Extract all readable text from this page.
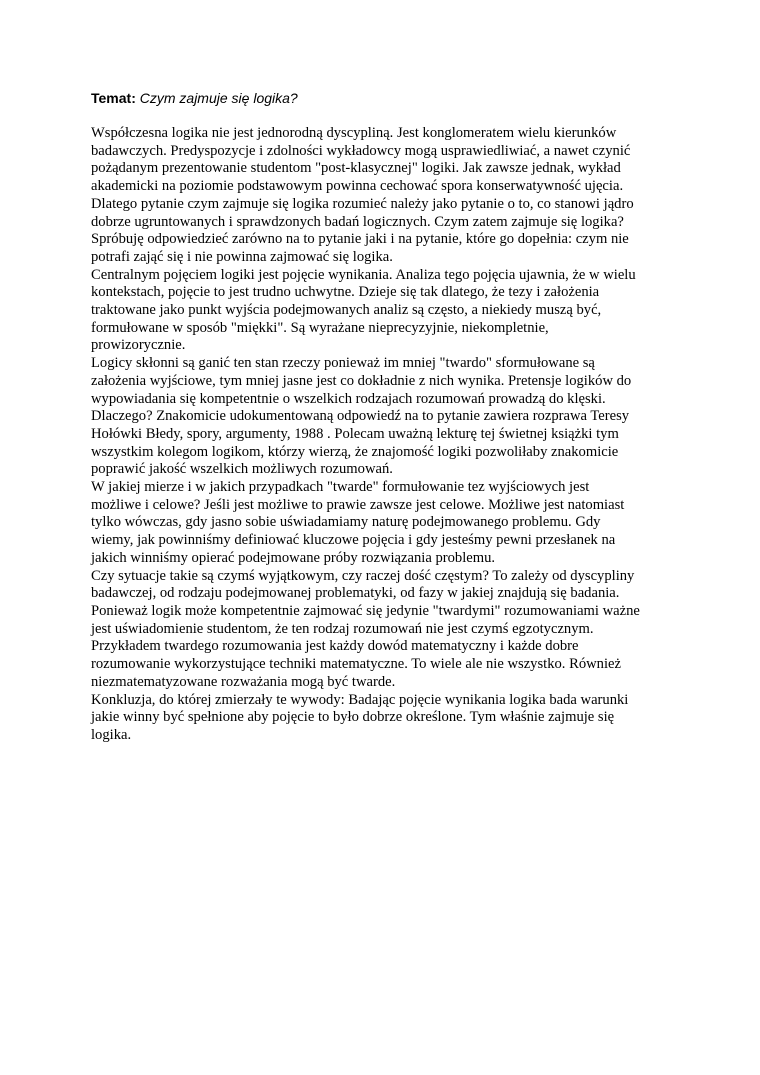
Temat: Czym zajmuje się logika?
Współczesna logika nie jest jednorodną dyscypliną. Jest konglomeratem wielu kierunków
badawczych. Predyspozycje i zdolności wykładowcy mogą usprawiedliwiać, a nawet czynić
pożądanym prezentowanie studentom "post-klasycznej" logiki. Jak zawsze jednak, wykład
akademicki na poziomie podstawowym powinna cechować spora konserwatywność ujęcia.
Dlatego pytanie czym zajmuje się logika rozumieć należy jako pytanie o to, co stanowi jądro
dobrze ugruntowanych i sprawdzonych badań logicznych. Czym zatem zajmuje się logika?
Spróbuję odpowiedzieć zarówno na to pytanie jaki i na pytanie, które go dopełnia: czym nie
potrafi zająć się i nie powinna zajmować się logika.
Centralnym pojęciem logiki jest pojęcie wynikania. Analiza tego pojęcia ujawnia, że w wielu
kontekstach, pojęcie to jest trudno uchwytne. Dzieje się tak dlatego, że tezy i założenia
traktowane jako punkt wyjścia podejmowanych analiz są często, a niekiedy muszą być,
formułowane w sposób "miękki". Są wyrażane nieprecyzyjnie, niekompletnie,
prowizorycznie.
Logicy skłonni są ganić ten stan rzeczy ponieważ im mniej "twardo" sformułowane są
założenia wyjściowe, tym mniej jasne jest co dokładnie z nich wynika. Pretensje logików do
wypowiadania się kompetentnie o wszelkich rodzajach rozumowań prowadzą do klęski.
Dlaczego? Znakomicie udokumentowaną odpowiedź na to pytanie zawiera rozprawa Teresy
Hołówki Błedy, spory, argumenty, 1988 . Polecam uważną lekturę tej świetnej książki tym
wszystkim kolegom logikom, którzy wierzą, że znajomość logiki pozwoliłaby znakomicie
poprawić jakość wszelkich możliwych rozumowań.
W jakiej mierze i w jakich przypadkach "twarde" formułowanie tez wyjściowych jest
możliwe i celowe? Jeśli jest możliwe to prawie zawsze jest celowe. Możliwe jest natomiast
tylko wówczas, gdy jasno sobie uświadamiamy naturę podejmowanego problemu. Gdy
wiemy, jak powinniśmy definiować kluczowe pojęcia i gdy jesteśmy pewni przesłanek na
jakich winniśmy opierać podejmowane próby rozwiązania problemu.
Czy sytuacje takie są czymś wyjątkowym, czy raczej dość częstym? To zależy od dyscypliny
badawczej, od rodzaju podejmowanej problematyki, od fazy w jakiej znajdują się badania.
Ponieważ logik może kompetentnie zajmować się jedynie "twardymi" rozumowaniami ważne
jest uświadomienie studentom, że ten rodzaj rozumowań nie jest czymś egzotycznym.
Przykładem twardego rozumowania jest każdy dowód matematyczny i każde dobre
rozumowanie wykorzystujące techniki matematyczne. To wiele ale nie wszystko. Również
niezmatematyzowane rozważania mogą być twarde.
Konkluzja, do której zmierzały te wywody: Badając pojęcie wynikania logika bada warunki
jakie winny być spełnione aby pojęcie to było dobrze określone. Tym właśnie zajmuje się
logika.
